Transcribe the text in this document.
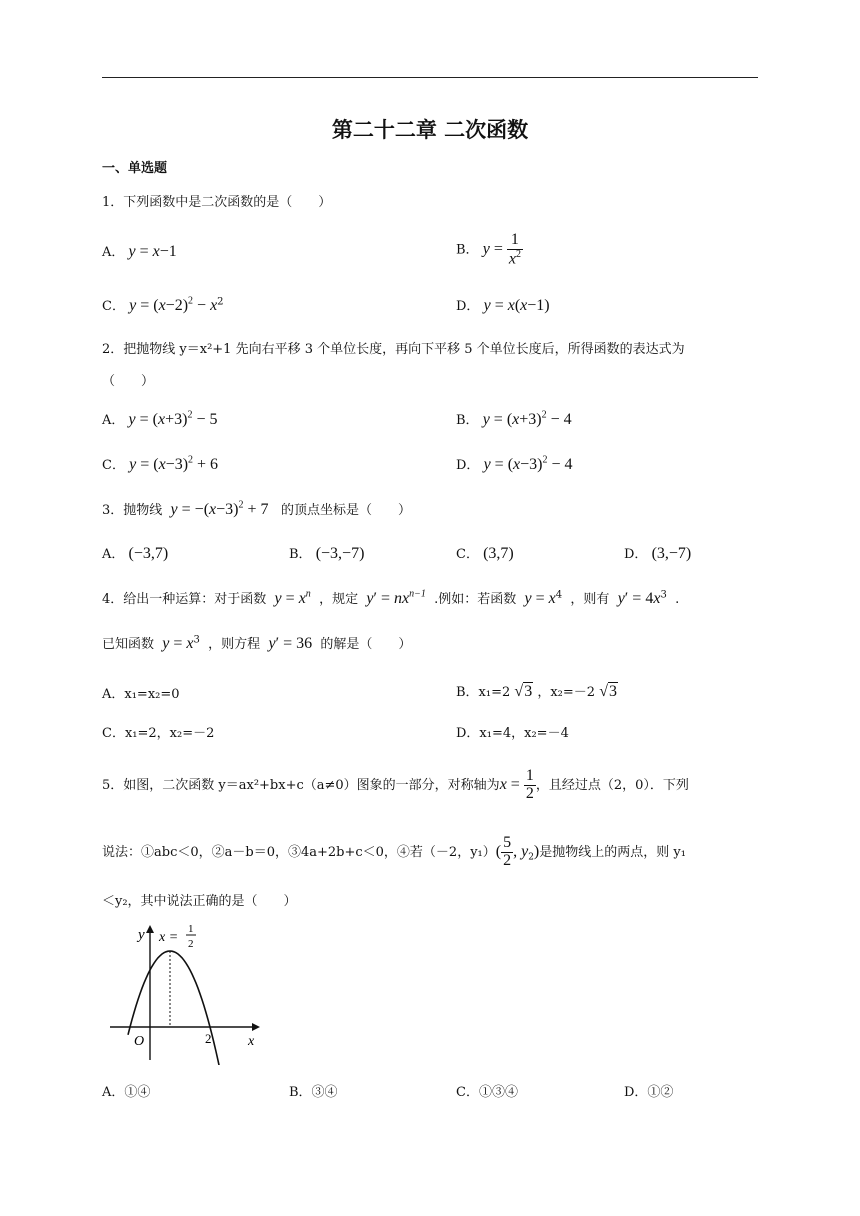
第二十二章 二次函数
一、单选题
1．下列函数中是二次函数的是（　　）
A． y = x−1	B． $y = \frac{1}{x^2}$
C． $y = (x-2)^2 - x^2$	D． y = x(x−1)
2．把抛物线 y＝x²+1 先向右平移 3 个单位长度，再向下平移 5 个单位长度后，所得函数的表达式为
（　　）
A． $y = (x+3)^2 - 5$	B． $y = (x+3)^2 - 4$
C． $y = (x-3)^2 + 6$	D． $y = (x-3)^2 - 4$
3．抛物线 $y = -(x-3)^2 + 7$ 的顶点坐标是（　　）
A． (−3,7)	B． (−3,−7)	C． (3,7)	D． (3,−7)
4．给出一种运算：对于函数 $y = x^n$ ，规定 $y' = nx^{n-1}$ .例如：若函数 $y = x^4$ ，则有 $y' = 4x^3$ .
已知函数 $y = x^3$ ，则方程 y′ = 36 的解是（　　）
A．x₁=x₂=0	B．x₁=2 √3 ，x₂=－2 √3
C．x₁=2，x₂=－2	D．x₁=4，x₂=－4
5．如图，二次函数 y＝ax²+bx+c（a≠0）图象的一部分，对称轴为$x = \frac{1}{2}$ ，且经过点（2，0）．下列
说法：①abc＜0，②a－b＝0，③4a+2b+c＜0，④若（－2，$y_1)( \frac{5}{2}$ , $y_2$)是抛物线上的两点，则 y₁
＜y₂，其中说法正确的是（　　）
y
x
O	2
x =
1
2
A．①④	B．③④	C．①③④	D．①②
